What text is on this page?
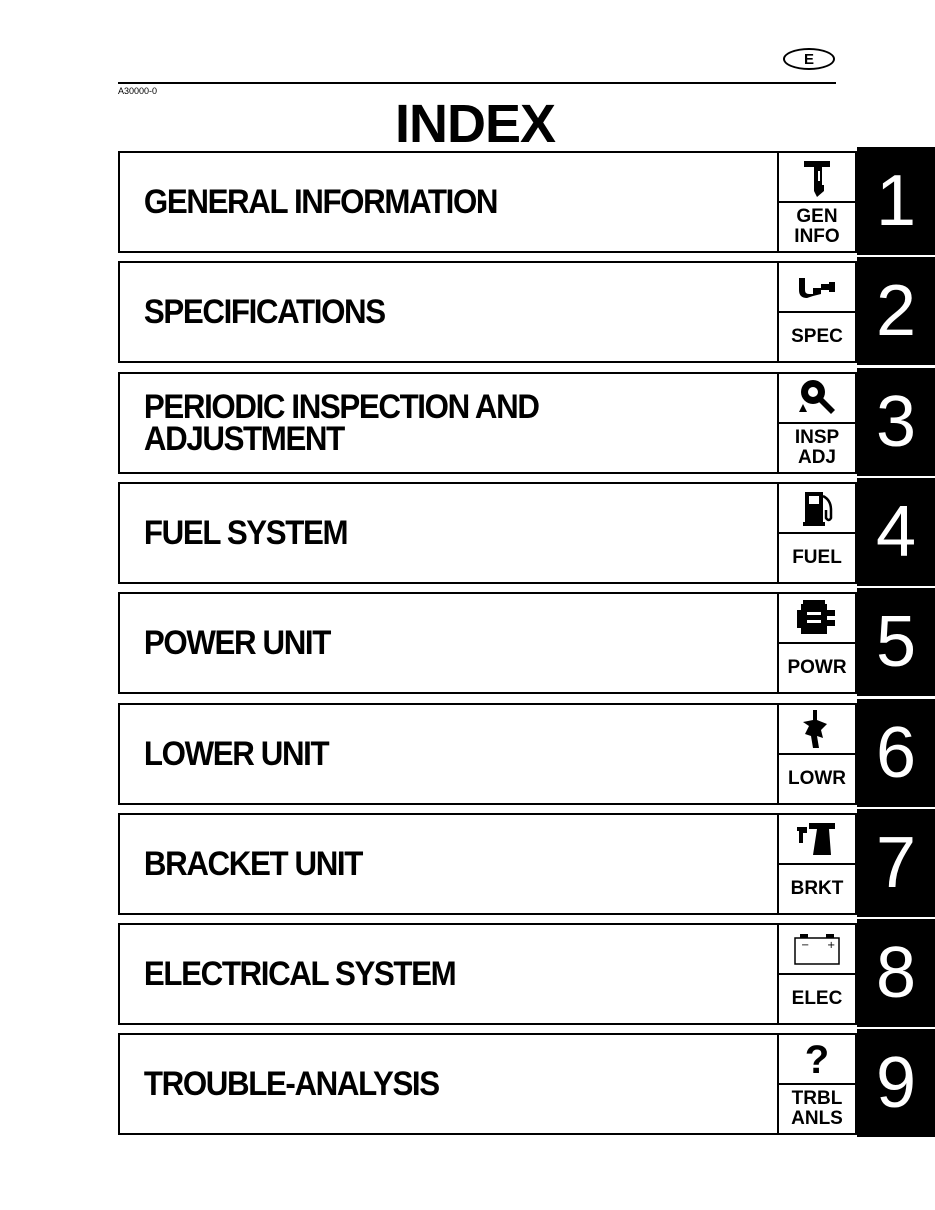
E
A30000-0
INDEX
GENERAL INFORMATION	GEN
INFO 1
SPECIFICATIONS
SPEC 2
PERIODIC INSPECTION AND
ADJUSTMENT	INSP
ADJ 3
FUEL SYSTEM
FUEL 4
POWER UNIT
POWR 5
LOWER UNIT
LOWR 6
BRACKET UNIT
BRKT 7
ELECTRICAL SYSTEM
− +
ELEC 8
TROUBLE-ANALYSIS
?
TRBL
ANLS 9
